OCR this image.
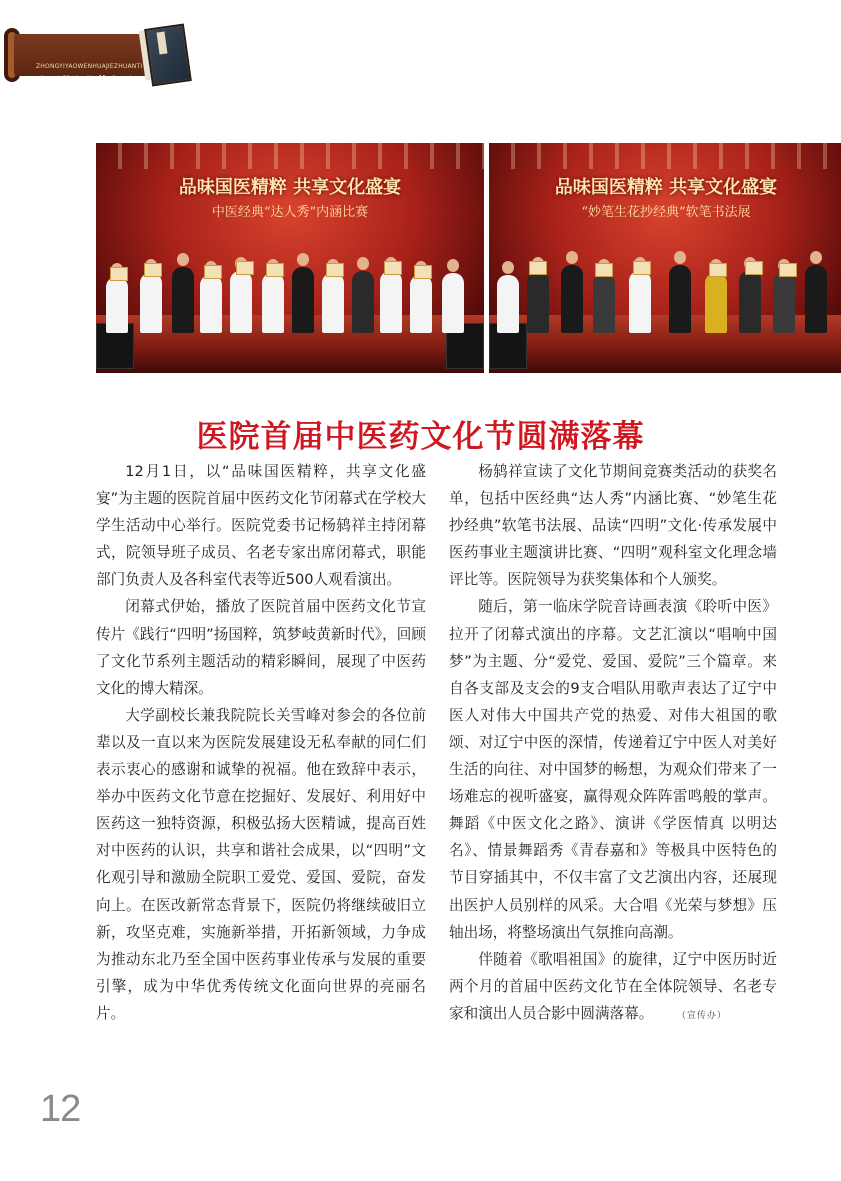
ZHONGYIYAOWENHUAJIEZHUANTI
中医药文化节专题
品味国医精粹 共享文化盛宴
中医经典“达人秀”内涵比赛
品味国医精粹 共享文化盛宴
“妙笔生花抄经典”软笔书法展
医院首届中医药文化节圆满落幕

12月1日，以“品味国医精粹，共享文化盛宴”为主题的医院首届中医药文化节闭幕式在学校大学生活动中心举行。医院党委书记杨鸫祥主持闭幕式，院领导班子成员、名老专家出席闭幕式，职能部门负责人及各科室代表等近500人观看演出。

闭幕式伊始，播放了医院首届中医药文化节宣传片《践行“四明”扬国粹，筑梦岐黄新时代》，回顾了文化节系列主题活动的精彩瞬间，展现了中医药文化的博大精深。

大学副校长兼我院院长关雪峰对参会的各位前辈以及一直以来为医院发展建设无私奉献的同仁们表示衷心的感谢和诚挚的祝福。他在致辞中表示，举办中医药文化节意在挖掘好、发展好、利用好中医药这一独特资源，积极弘扬大医精诚，提高百姓对中医药的认识，共享和谐社会成果，以“四明”文化观引导和激励全院职工爱党、爱国、爱院，奋发向上。在医改新常态背景下，医院仍将继续破旧立新，攻坚克难，实施新举措，开拓新领域，力争成为推动东北乃至全国中医药事业传承与发展的重要引擎，成为中华优秀传统文化面向世界的亮丽名片。

杨鸫祥宣读了文化节期间竞赛类活动的获奖名单，包括中医经典“达人秀”内涵比赛、“妙笔生花抄经典”软笔书法展、品读“四明”文化·传承发展中医药事业主题演讲比赛、“四明”观科室文化理念墙评比等。医院领导为获奖集体和个人颁奖。

随后，第一临床学院音诗画表演《聆听中医》拉开了闭幕式演出的序幕。文艺汇演以“唱响中国梦”为主题、分“爱党、爱国、爱院”三个篇章。来自各支部及支会的9支合唱队用歌声表达了辽宁中医人对伟大中国共产党的热爱、对伟大祖国的歌颂、对辽宁中医的深情，传递着辽宁中医人对美好生活的向往、对中国梦的畅想，为观众们带来了一场难忘的视听盛宴，赢得观众阵阵雷鸣般的掌声。舞蹈《中医文化之路》、演讲《学医情真 以明达名》、情景舞蹈秀《青春嘉和》等极具中医特色的节目穿插其中，不仅丰富了文艺演出内容，还展现出医护人员别样的风采。大合唱《光荣与梦想》压轴出场，将整场演出气氛推向高潮。

伴随着《歌唱祖国》的旋律，辽宁中医历时近两个月的首届中医药文化节在全体院领导、名老专家和演出人员合影中圆满落幕。	（宣传办）

12
